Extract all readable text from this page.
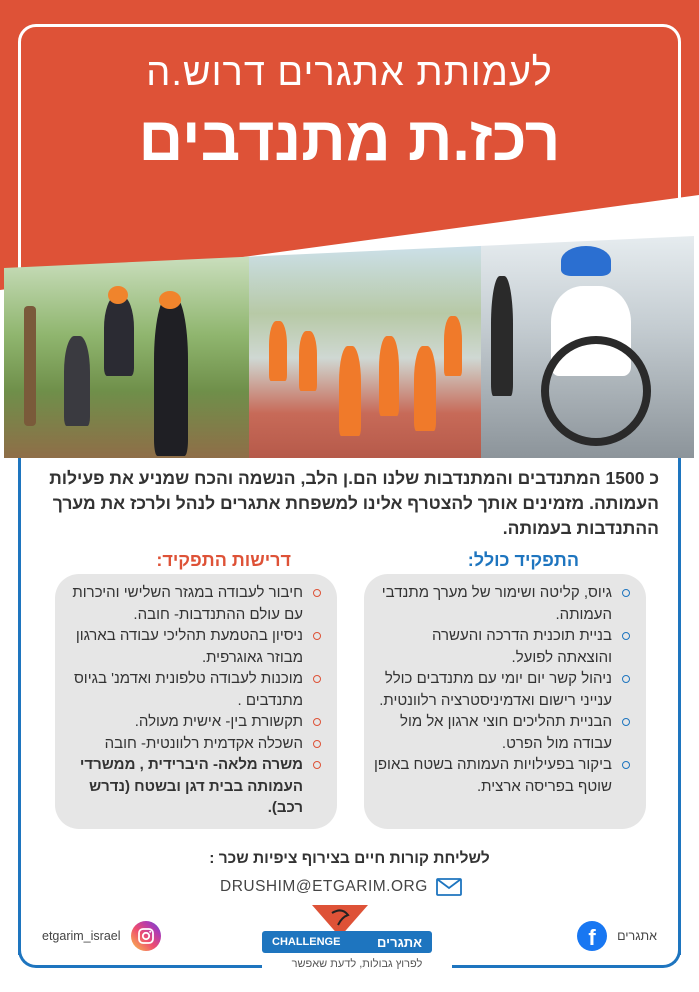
לעמותת אתגרים דרוש.ה
רכז.ת מתנדבים
כ 1500 המתנדבים והמתנדבות שלנו הם.ן הלב, הנשמה והכח שמניע את פעילות העמותה. מזמינים אותך להצטרף אלינו למשפחת אתגרים לנהל ולרכז את מערך ההתנדבות בעמותה.
התפקיד כולל:
דרישות התפקיד:
גיוס, קליטה ושימור של מערך מתנדבי העמותה.
בניית תוכנית הדרכה והעשרה והוצאתה לפועל.
ניהול קשר יום יומי עם מתנדבים כולל ענייני רישום ואדמיניסטרציה רלוונטית.
הבניית תהליכים חוצי ארגון אל מול עבודה מול הפרט.
ביקור בפעילויות העמותה בשטח באופן שוטף בפריסה ארצית.
חיבור לעבודה במגזר השלישי והיכרות עם עולם ההתנדבות- חובה.
ניסיון בהטמעת תהליכי עבודה בארגון מבוזר גאוגרפית.
מוכנות לעבודה טלפונית ואדמנ' בגיוס מתנדבים .
תקשורת בין- אישית מעולה.
השכלה אקדמית רלוונטית- חובה
משרה מלאה- היברידית , ממשרדי העמותה בבית דגן ובשטח (נדרש רכב).
לשליחת קורות חיים בצירוף ציפיות שכר :
DRUSHIM@ETGARIM.ORG
etgarim_israel	f	אתגרים
CHALLENGE	אתגרים
לפרוץ גבולות, לדעת שאפשר
